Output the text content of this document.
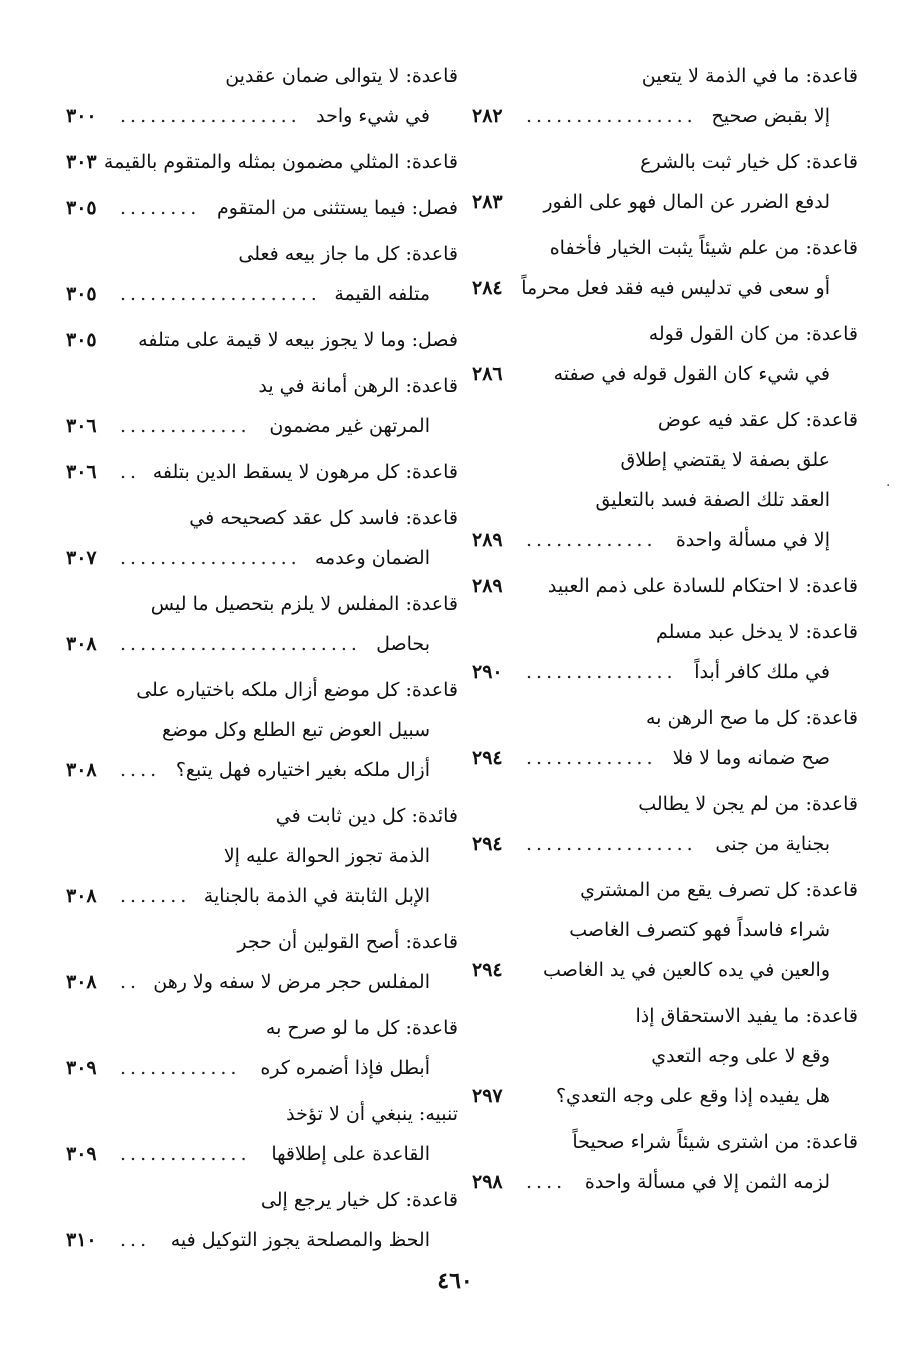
قاعدة: ما في الذمة لا يتعين
إلا بقبض صحيح
.................
٢٨٢
قاعدة: كل خيار ثبت بالشرع
لدفع الضرر عن المال فهو على الفور
٢٨٣
قاعدة: من علم شيئاً يثبت الخيار فأخفاه
أو سعى في تدليس فيه فقد فعل محرماً
٢٨٤
قاعدة: من كان القول قوله
في شيء كان القول قوله في صفته
٢٨٦
قاعدة: كل عقد فيه عوض
علق بصفة لا يقتضي إطلاق
العقد تلك الصفة فسد بالتعليق
إلا في مسألة واحدة
.............
٢٨٩
قاعدة: لا احتكام للسادة على ذمم العبيد
٢٨٩
قاعدة: لا يدخل عبد مسلم
في ملك كافر أبداً
...............
٢٩٠
قاعدة: كل ما صح الرهن به
صح ضمانه وما لا فلا
.............
٢٩٤
قاعدة: من لم يجن لا يطالب
بجناية من جنى
.................
٢٩٤
قاعدة: كل تصرف يقع من المشتري
شراء فاسداً فهو كتصرف الغاصب
والعين في يده كالعين في يد الغاصب
٢٩٤
قاعدة: ما يفيد الاستحقاق إذا
وقع لا على وجه التعدي
هل يفيده إذا وقع على وجه التعدي؟
٢٩٧
قاعدة: من اشترى شيئاً شراء صحيحاً
لزمه الثمن إلا في مسألة واحدة
....
٢٩٨
قاعدة: لا يتوالى ضمان عقدين
في شيء واحد
..................
٣٠٠
قاعدة: المثلي مضمون بمثله والمتقوم بالقيمة
٣٠٣
فصل: فيما يستثنى من المتقوم
........
٣٠٥
قاعدة: كل ما جاز بيعه فعلى
متلفه القيمة
....................
٣٠٥
فصل: وما لا يجوز بيعه لا قيمة على متلفه
٣٠٥
قاعدة: الرهن أمانة في يد
المرتهن غير مضمون
.............
٣٠٦
قاعدة: كل مرهون لا يسقط الدين بتلفه
..
٣٠٦
قاعدة: فاسد كل عقد كصحيحه في
الضمان وعدمه
..................
٣٠٧
قاعدة: المفلس لا يلزم بتحصيل ما ليس
بحاصل
........................
٣٠٨
قاعدة: كل موضع أزال ملكه باختياره على
سبيل العوض تبع الطلع وكل موضع
أزال ملكه بغير اختياره فهل يتبع؟
....
٣٠٨
فائدة: كل دين ثابت في
الذمة تجوز الحوالة عليه إلا
الإبل الثابتة في الذمة بالجناية
.......
٣٠٨
قاعدة: أصح القولين أن حجر
المفلس حجر مرض لا سفه ولا رهن
..
٣٠٨
قاعدة: كل ما لو صرح به
أبطل فإذا أضمره كره
............
٣٠٩
تنبيه: ينبغي أن لا تؤخذ
القاعدة على إطلاقها
.............
٣٠٩
قاعدة: كل خيار يرجع إلى
الحظ والمصلحة يجوز التوكيل فيه
...
٣١٠
·
٤٦٠
